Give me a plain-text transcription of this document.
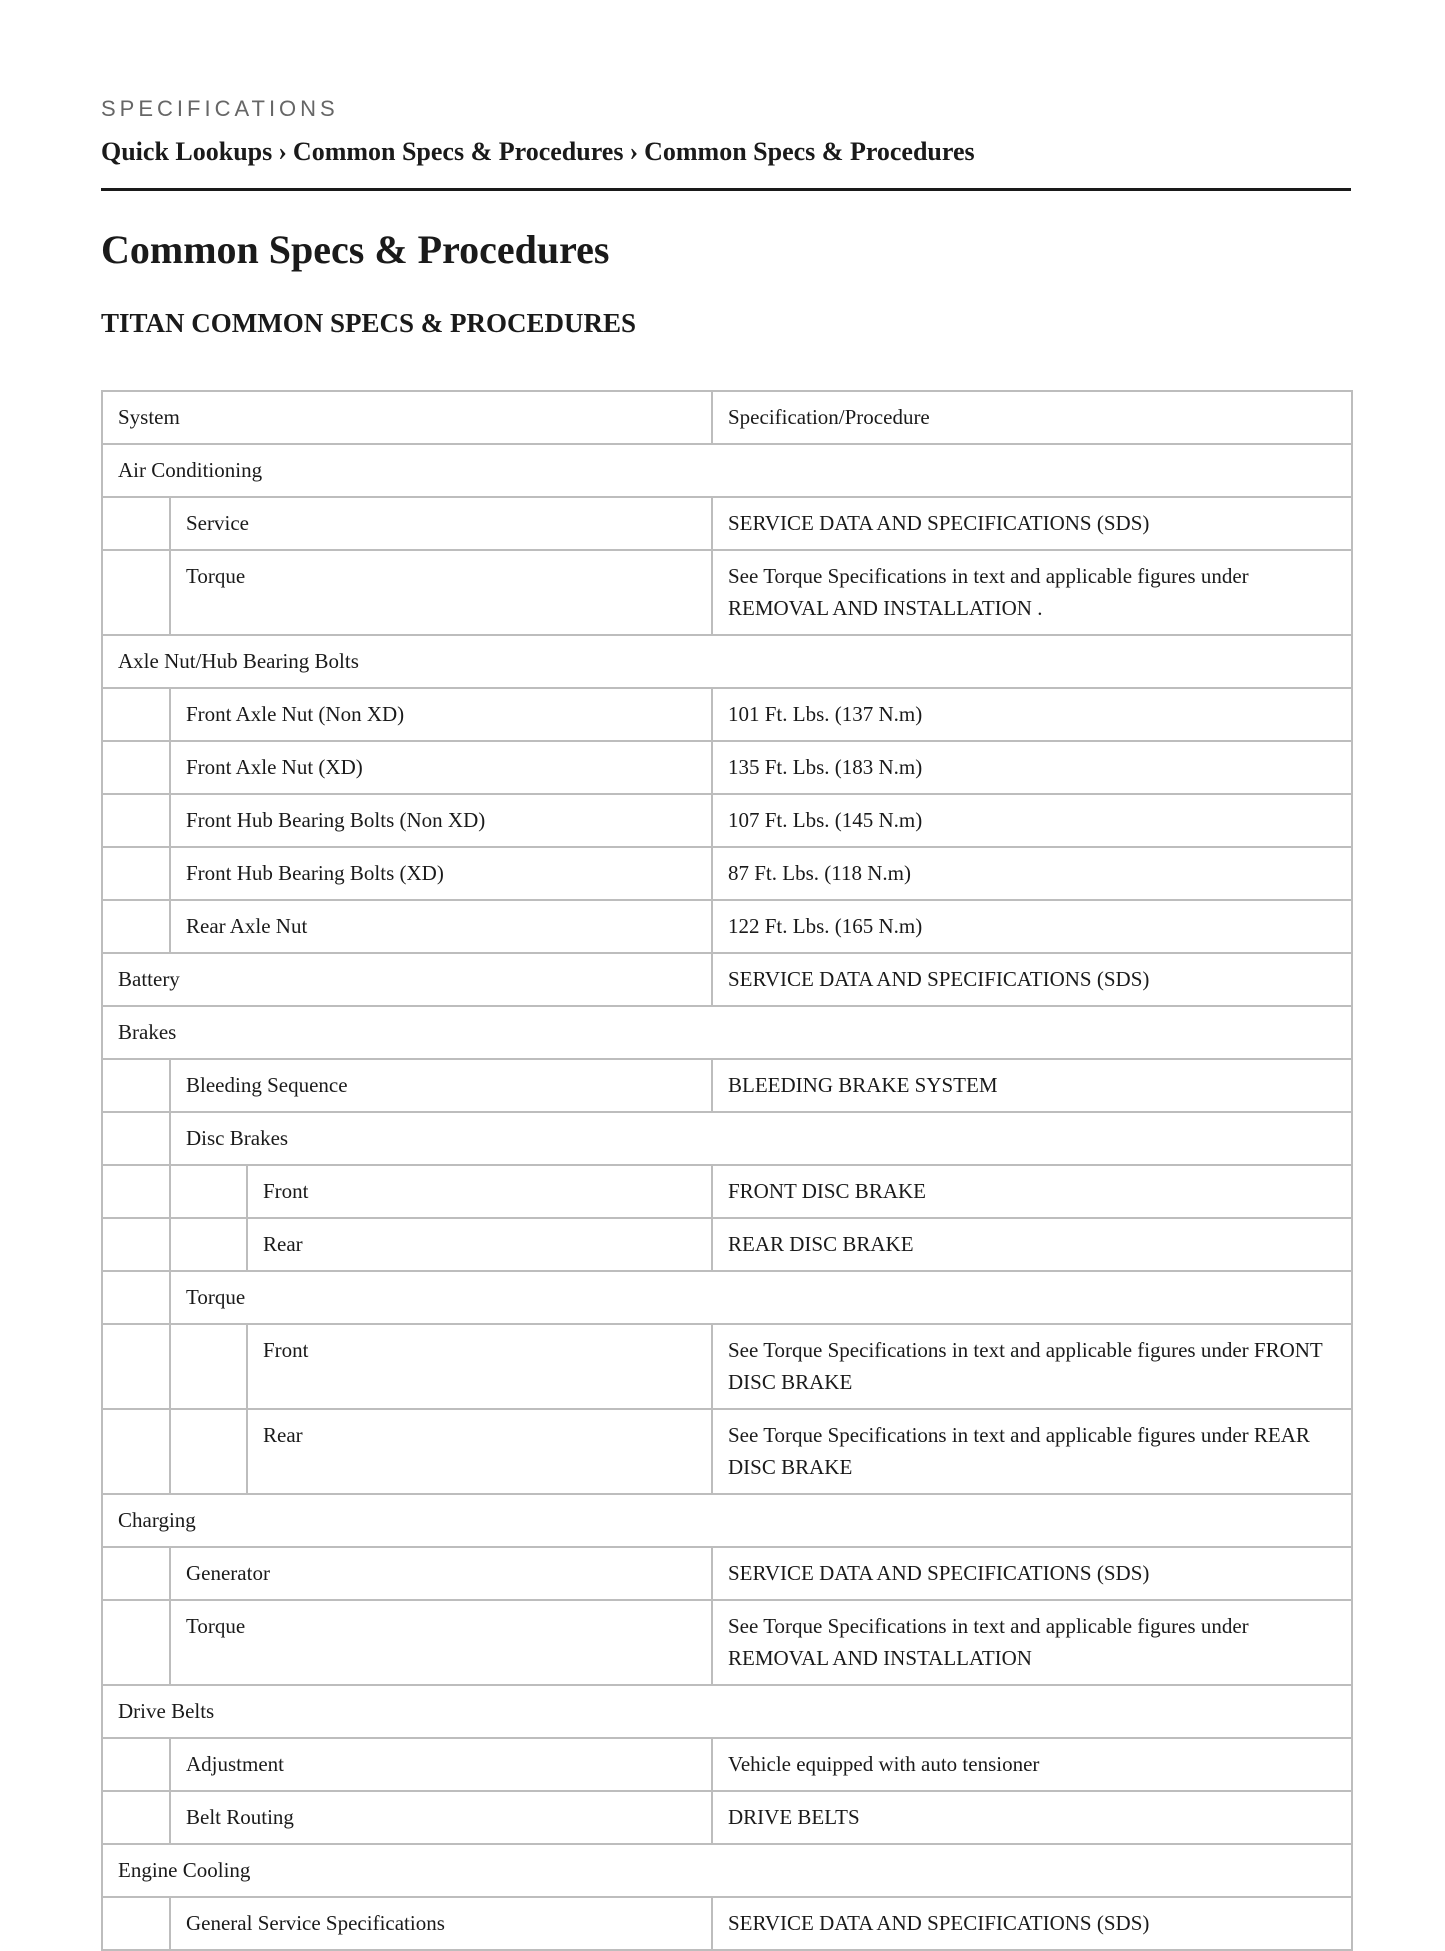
SPECIFICATIONS
Quick Lookups › Common Specs & Procedures › Common Specs & Procedures
Common Specs & Procedures
TITAN COMMON SPECS & PROCEDURES
System			Specification/Procedure
Air Conditioning			
	Service		SERVICE DATA AND SPECIFICATIONS (SDS)
	Torque		See Torque Specifications in text and applicable figures under REMOVAL AND INSTALLATION .
Axle Nut/Hub Bearing Bolts			
	Front Axle Nut (Non XD)		101 Ft. Lbs. (137 N.m)
	Front Axle Nut (XD)		135 Ft. Lbs. (183 N.m)
	Front Hub Bearing Bolts (Non XD)		107 Ft. Lbs. (145 N.m)
	Front Hub Bearing Bolts (XD)		87 Ft. Lbs. (118 N.m)
	Rear Axle Nut		122 Ft. Lbs. (165 N.m)
Battery			SERVICE DATA AND SPECIFICATIONS (SDS)
Brakes			
	Bleeding Sequence		BLEEDING BRAKE SYSTEM
	Disc Brakes		
		Front	FRONT DISC BRAKE
		Rear	REAR DISC BRAKE
	Torque		
		Front	See Torque Specifications in text and applicable figures under FRONT DISC BRAKE
		Rear	See Torque Specifications in text and applicable figures under REAR DISC BRAKE
Charging			
	Generator		SERVICE DATA AND SPECIFICATIONS (SDS)
	Torque		See Torque Specifications in text and applicable figures under REMOVAL AND INSTALLATION
Drive Belts			
	Adjustment		Vehicle equipped with auto tensioner
	Belt Routing		DRIVE BELTS
Engine Cooling			
	General Service Specifications		SERVICE DATA AND SPECIFICATIONS (SDS)
